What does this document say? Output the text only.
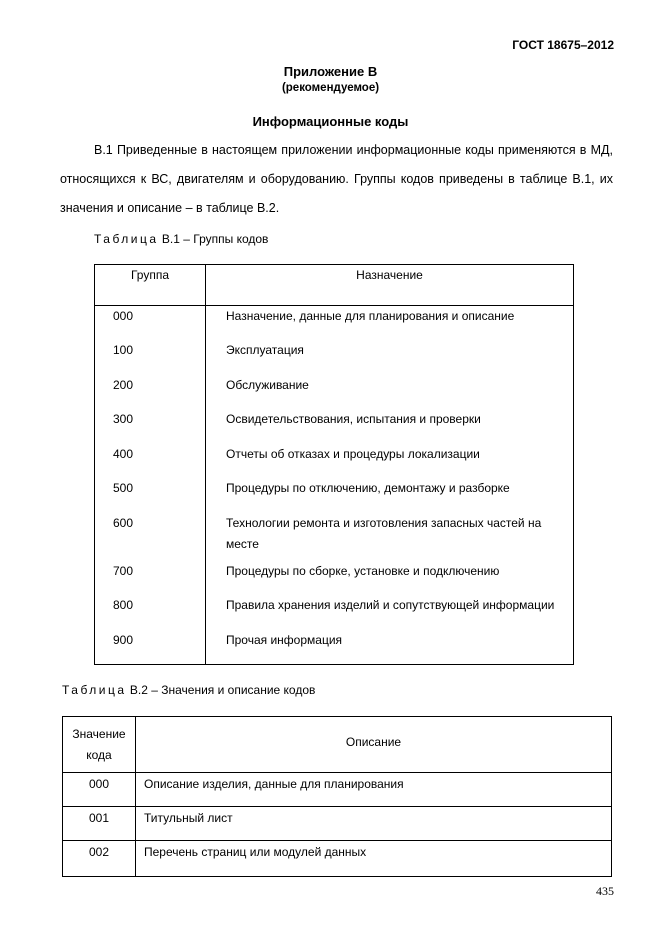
ГОСТ 18675–2012
Приложение В
(рекомендуемое)
Информационные коды

В.1 Приведенные в настоящем приложении информационные коды применяются в МД, относящихся к ВС, двигателям и оборудованию. Группы кодов приведены в таблице В.1, их значения и описание – в таблице В.2.

Таблица В.1 – Группы кодов
Группа	Назначение
000	Назначение, данные для планирования и описание
100	Эксплуатация
200	Обслуживание
300	Освидетельствования, испытания и проверки
400	Отчеты об отказах и процедуры локализации
500	Процедуры по отключению, демонтажу и разборке
600	Технологии ремонта и изготовления запасных частей на месте
700	Процедуры по сборке, установке и подключению
800	Правила хранения изделий и сопутствующей информации
900	Прочая информация
Таблица В.2 – Значения и описание кодов
Значение кода	Описание
000	Описание изделия, данные для планирования
001	Титульный лист
002	Перечень страниц или модулей данных
435
